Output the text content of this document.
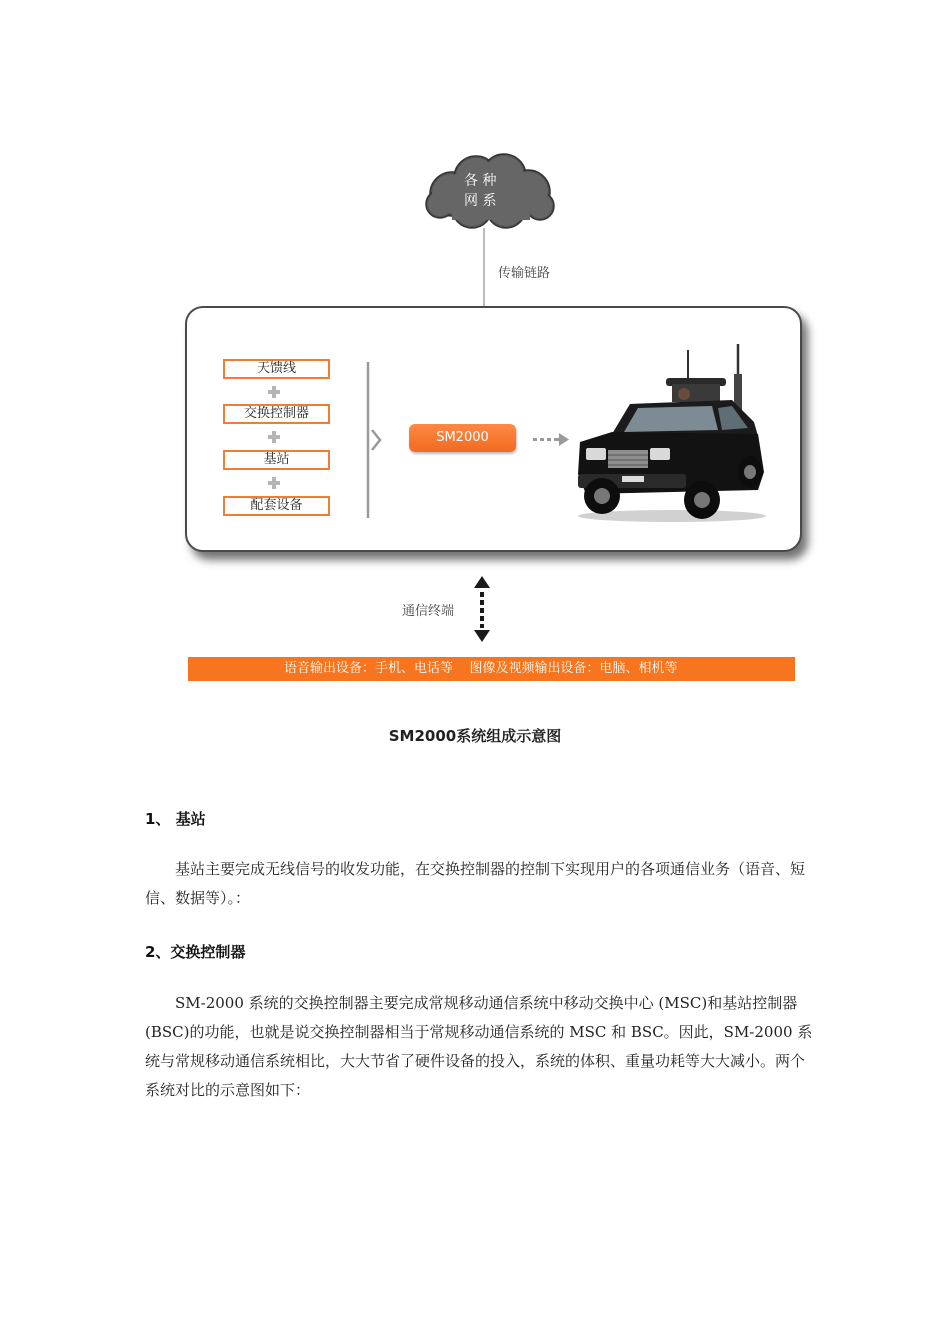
各 种
网 系
传输链路
天馈线
交换控制器
基站
配套设备
SM2000
通信终端
语音输出设备：手机、电话等    图像及视频输出设备：电脑、相机等
SM2000系统组成示意图
1、 基站

基站主要完成无线信号的收发功能，在交换控制器的控制下实现用户的各项通信业务（语音、短信、数据等）。：

2、交换控制器

SM-2000 系统的交换控制器主要完成常规移动通信系统中移动交换中心 (MSC)和基站控制器 (BSC)的功能，也就是说交换控制器相当于常规移动通信系统的 MSC 和 BSC。因此，SM-2000 系统与常规移动通信系统相比，大大节省了硬件设备的投入，系统的体积、重量功耗等大大减小。两个系统对比的示意图如下：
